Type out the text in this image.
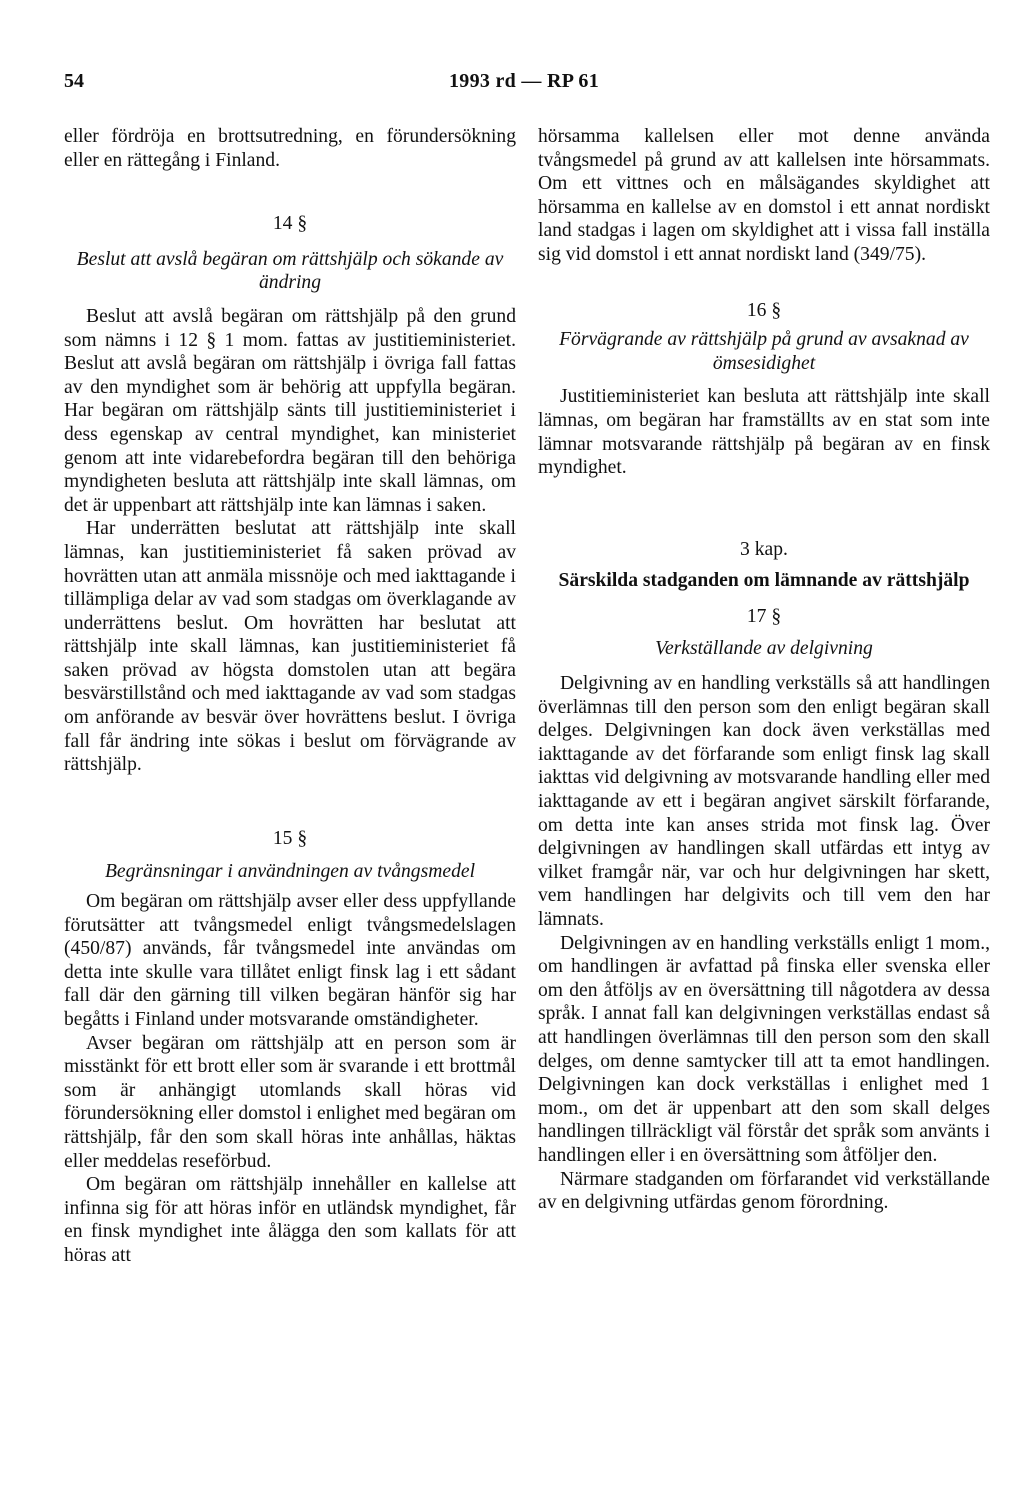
54	1993 rd — RP 61

eller fördröja en brottsutredning, en förundersökning eller en rättegång i Finland.

14 §

Beslut att avslå begäran om rättshjälp och sökande av ändring

Beslut att avslå begäran om rättshjälp på den grund som nämns i 12 § 1 mom. fattas av justitieministeriet. Beslut att avslå begäran om rättshjälp i övriga fall fattas av den myndighet som är behörig att uppfylla begäran. Har begäran om rättshjälp sänts till justitieministeriet i dess egenskap av central myndighet, kan ministeriet genom att inte vidarebefordra begäran till den behöriga myndigheten besluta att rättshjälp inte skall lämnas, om det är uppenbart att rättshjälp inte kan lämnas i saken.

Har underrätten beslutat att rättshjälp inte skall lämnas, kan justitieministeriet få saken prövad av hovrätten utan att anmäla missnöje och med iakttagande i tillämpliga delar av vad som stadgas om överklagande av underrättens beslut. Om hovrätten har beslutat att rättshjälp inte skall lämnas, kan justitieministeriet få saken prövad av högsta domstolen utan att begära besvärstillstånd och med iakttagande av vad som stadgas om anförande av besvär över hovrättens beslut. I övriga fall får ändring inte sökas i beslut om förvägrande av rättshjälp.

15 §

Begränsningar i användningen av tvångsmedel

Om begäran om rättshjälp avser eller dess uppfyllande förutsätter att tvångsmedel enligt tvångsmedelslagen (450/87) används, får tvångsmedel inte användas om detta inte skulle vara tillåtet enligt finsk lag i ett sådant fall där den gärning till vilken begäran hänför sig har begåtts i Finland under motsvarande omständigheter.

Avser begäran om rättshjälp att en person som är misstänkt för ett brott eller som är svarande i ett brottmål som är anhängigt utomlands skall höras vid förundersökning eller domstol i enlighet med begäran om rättshjälp, får den som skall höras inte anhållas, häktas eller meddelas reseförbud.

Om begäran om rättshjälp innehåller en kallelse att infinna sig för att höras inför en utländsk myndighet, får en finsk myndighet inte ålägga den som kallats för att höras att

hörsamma kallelsen eller mot denne använda tvångsmedel på grund av att kallelsen inte hörsammats. Om ett vittnes och en målsägandes skyldighet att hörsamma en kallelse av en domstol i ett annat nordiskt land stadgas i lagen om skyldighet att i vissa fall inställa sig vid domstol i ett annat nordiskt land (349/75).

16 §

Förvägrande av rättshjälp på grund av avsaknad av ömsesidighet

Justitieministeriet kan besluta att rättshjälp inte skall lämnas, om begäran har framställts av en stat som inte lämnar motsvarande rättshjälp på begäran av en finsk myndighet.

3 kap.

Särskilda stadganden om lämnande av rättshjälp

17 §

Verkställande av delgivning

Delgivning av en handling verkställs så att handlingen överlämnas till den person som den enligt begäran skall delges. Delgivningen kan dock även verkställas med iakttagande av det förfarande som enligt finsk lag skall iakttas vid delgivning av motsvarande handling eller med iakttagande av ett i begäran angivet särskilt förfarande, om detta inte kan anses strida mot finsk lag. Över delgivningen av handlingen skall utfärdas ett intyg av vilket framgår när, var och hur delgivningen har skett, vem handlingen har delgivits och till vem den har lämnats.

Delgivningen av en handling verkställs enligt 1 mom., om handlingen är avfattad på finska eller svenska eller om den åtföljs av en översättning till någotdera av dessa språk. I annat fall kan delgivningen verkställas endast så att handlingen överlämnas till den person som den skall delges, om denne samtycker till att ta emot handlingen. Delgivningen kan dock verkställas i enlighet med 1 mom., om det är uppenbart att den som skall delges handlingen tillräckligt väl förstår det språk som använts i handlingen eller i en översättning som åtföljer den.

Närmare stadganden om förfarandet vid verkställande av en delgivning utfärdas genom förordning.
